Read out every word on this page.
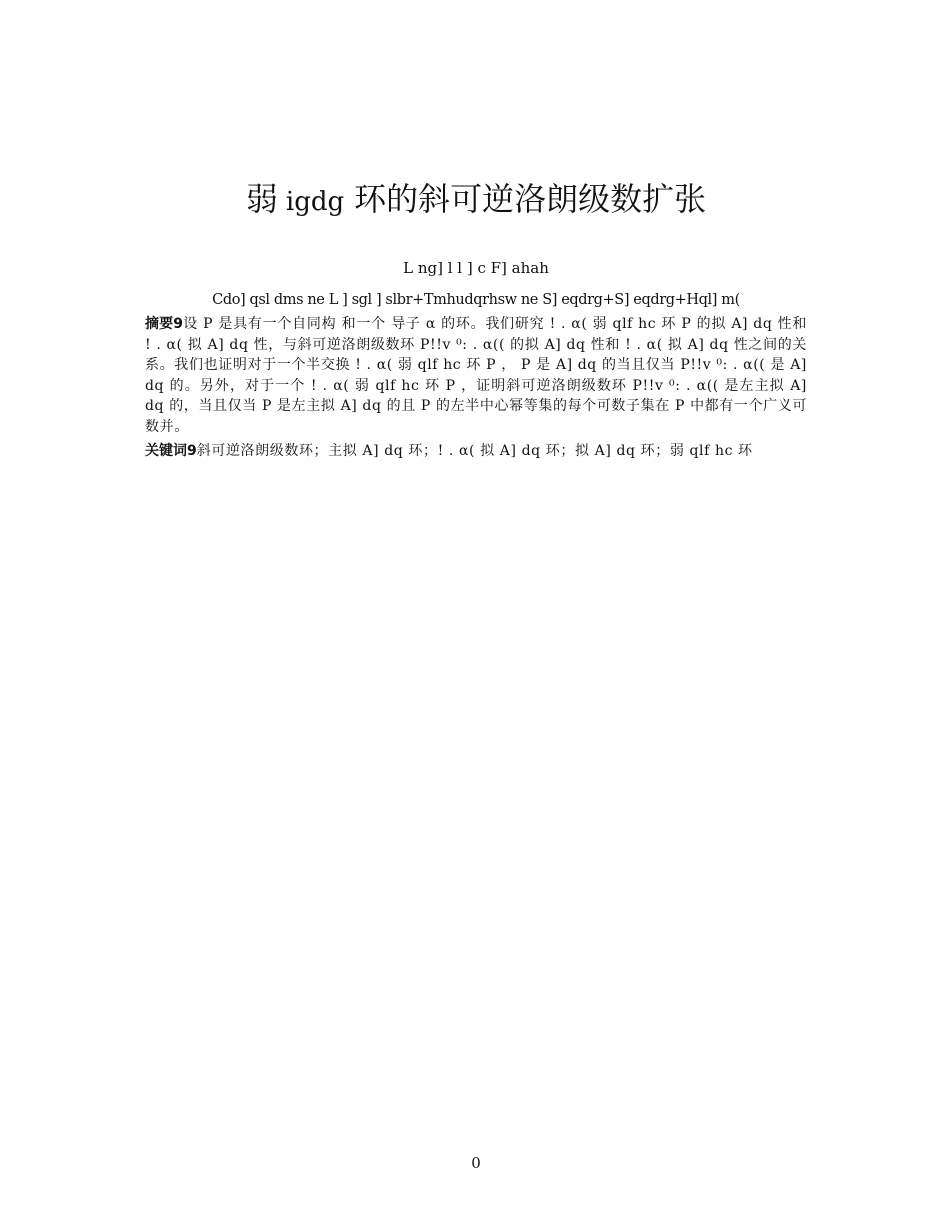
弱 igdg 环的斜可逆洛朗级数扩张
L ng] l l ] c F] ahah
Cdo] qsl dms ne L ] sgl ] slbr+Tmhudqrhsw ne S] eqdrg+S] eqdrg+Hql] m(
摘要9设 P 是具有一个自同构 和一个 导子 α 的环。我们研究 ! . α( 弱 qlf hc 环 P 的拟 A] dq 性和 ! . α( 拟 A] dq 性，与斜可逆洛朗级数环 P!!v ⁰: . α(( 的拟 A] dq 性和 ! . α( 拟 A] dq 性之间的关系。我们也证明对于一个半交换 ! . α( 弱 qlf hc 环 P ， P 是 A] dq 的当且仅当 P!!v ⁰: . α(( 是 A] dq 的。另外，对于一个 ! . α( 弱 qlf hc 环 P ，证明斜可逆洛朗级数环 P!!v ⁰: . α(( 是左主拟 A] dq 的，当且仅当 P 是左主拟 A] dq 的且 P 的左半中心幂等集的每个可数子集在 P 中都有一个广义可数并。
关键词9斜可逆洛朗级数环；主拟 A] dq 环；! . α( 拟 A] dq 环；拟 A] dq 环；弱 qlf hc 环
0
